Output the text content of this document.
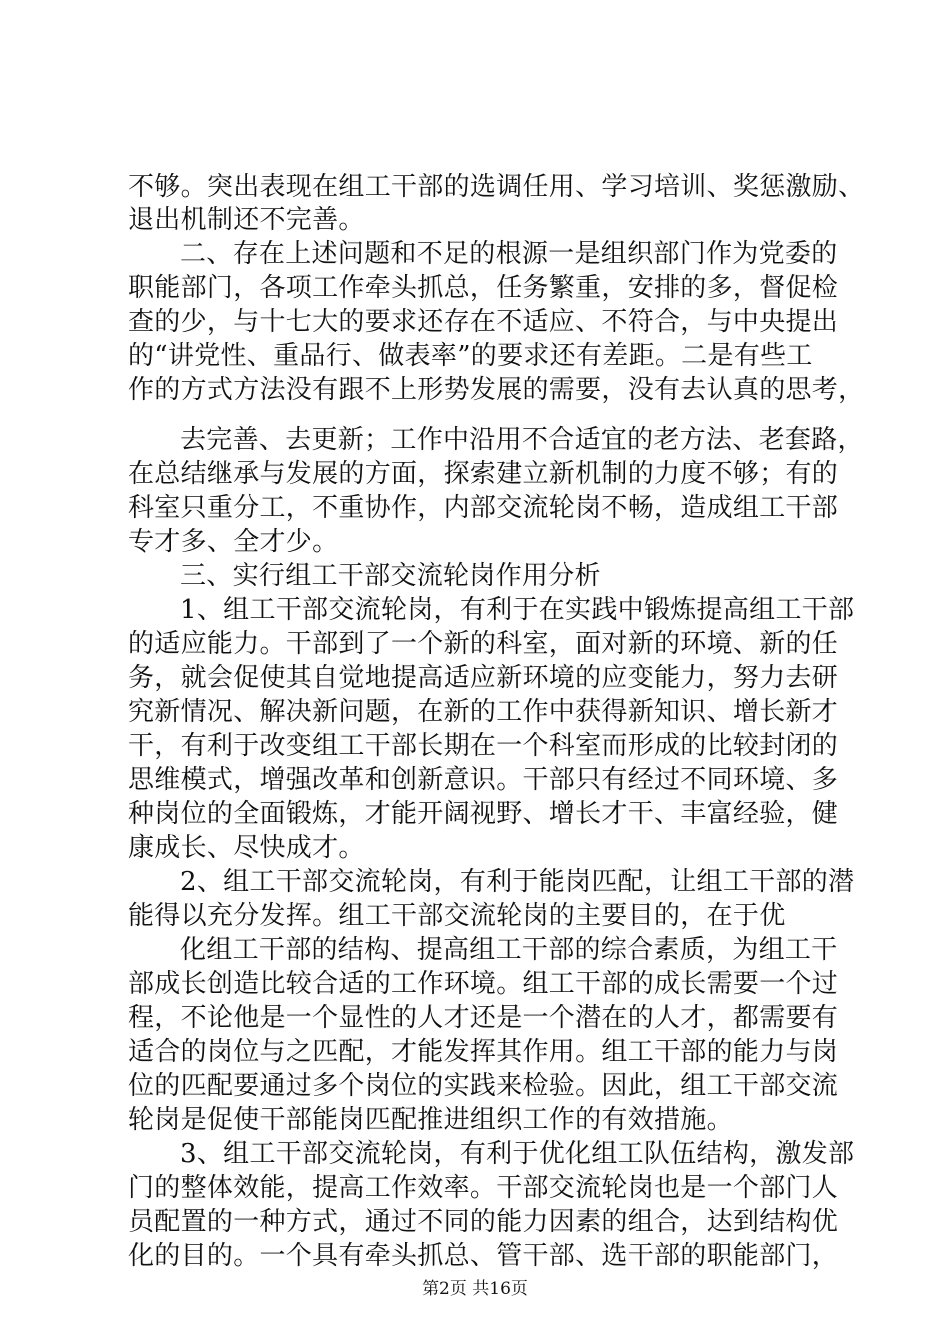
不够。突出表现在组工干部的选调任用、学习培训、奖惩激励、
退出机制还不完善。
二、存在上述问题和不足的根源一是组织部门作为党委的
职能部门，各项工作牵头抓总，任务繁重，安排的多，督促检
查的少，与十七大的要求还存在不适应、不符合，与中央提出
的“讲党性、重品行、做表率”的要求还有差距。二是有些工
作的方式方法没有跟不上形势发展的需要，没有去认真的思考，
去完善、去更新；工作中沿用不合适宜的老方法、老套路，
在总结继承与发展的方面，探索建立新机制的力度不够；有的
科室只重分工，不重协作，内部交流轮岗不畅，造成组工干部
专才多、全才少。
三、实行组工干部交流轮岗作用分析
1、组工干部交流轮岗，有利于在实践中锻炼提高组工干部
的适应能力。干部到了一个新的科室，面对新的环境、新的任
务，就会促使其自觉地提高适应新环境的应变能力，努力去研
究新情况、解决新问题，在新的工作中获得新知识、增长新才
干，有利于改变组工干部长期在一个科室而形成的比较封闭的
思维模式，增强改革和创新意识。干部只有经过不同环境、多
种岗位的全面锻炼，才能开阔视野、增长才干、丰富经验，健
康成长、尽快成才。
2、组工干部交流轮岗，有利于能岗匹配，让组工干部的潜
能得以充分发挥。组工干部交流轮岗的主要目的，在于优
化组工干部的结构、提高组工干部的综合素质，为组工干
部成长创造比较合适的工作环境。组工干部的成长需要一个过
程，不论他是一个显性的人才还是一个潜在的人才，都需要有
适合的岗位与之匹配，才能发挥其作用。组工干部的能力与岗
位的匹配要通过多个岗位的实践来检验。因此，组工干部交流
轮岗是促使干部能岗匹配推进组织工作的有效措施。
3、组工干部交流轮岗，有利于优化组工队伍结构，激发部
门的整体效能，提高工作效率。干部交流轮岗也是一个部门人
员配置的一种方式，通过不同的能力因素的组合，达到结构优
化的目的。一个具有牵头抓总、管干部、选干部的职能部门，
第2页 共16页
